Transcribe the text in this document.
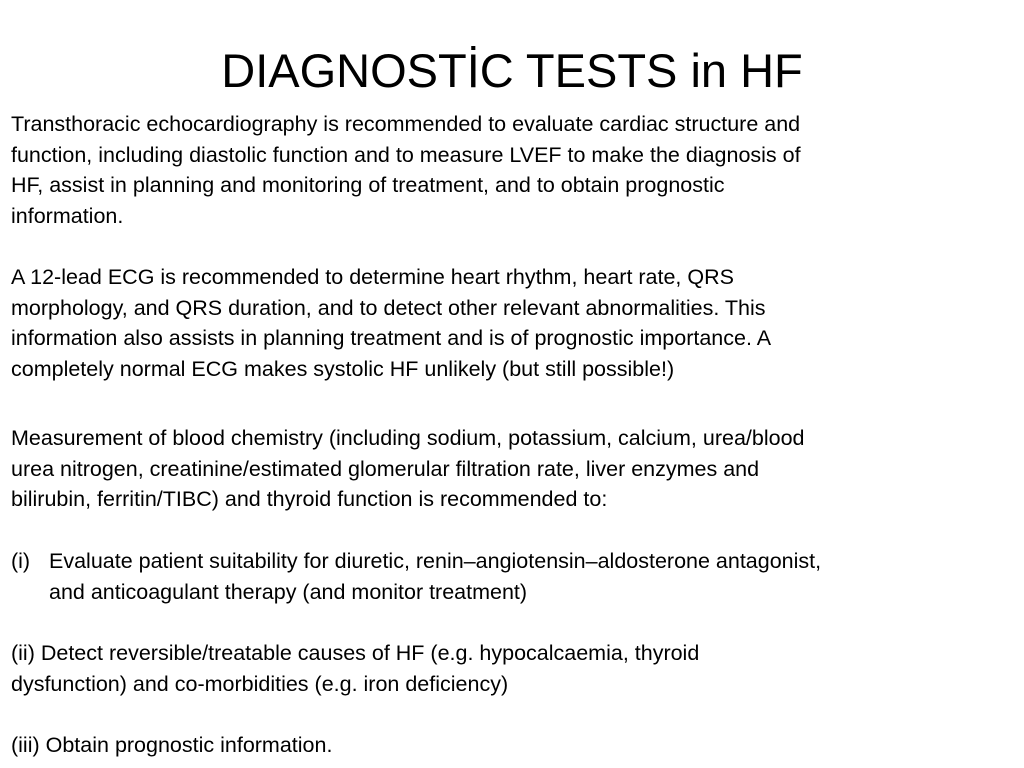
DIAGNOSTİC TESTS in HF

Transthoracic echocardiography is recommended to evaluate cardiac structure and
function, including diastolic function and to measure LVEF to make the diagnosis of
HF, assist in planning and monitoring of treatment, and to obtain prognostic
information.

A 12-lead ECG is recommended to determine heart rhythm, heart rate, QRS
morphology, and QRS duration, and to detect other relevant abnormalities. This
information also assists in planning treatment and is of prognostic importance. A
completely normal ECG makes systolic HF unlikely (but still possible!)

Measurement of blood chemistry (including sodium, potassium, calcium, urea/blood
urea nitrogen, creatinine/estimated glomerular filtration rate, liver enzymes and
bilirubin, ferritin/TIBC) and thyroid function is recommended to:

(i) Evaluate patient suitability for diuretic, renin–angiotensin–aldosterone antagonist,
and anticoagulant therapy (and monitor treatment)

(ii) Detect reversible/treatable causes of HF (e.g. hypocalcaemia, thyroid
dysfunction) and co-morbidities (e.g. iron deficiency)

(iii) Obtain prognostic information.
